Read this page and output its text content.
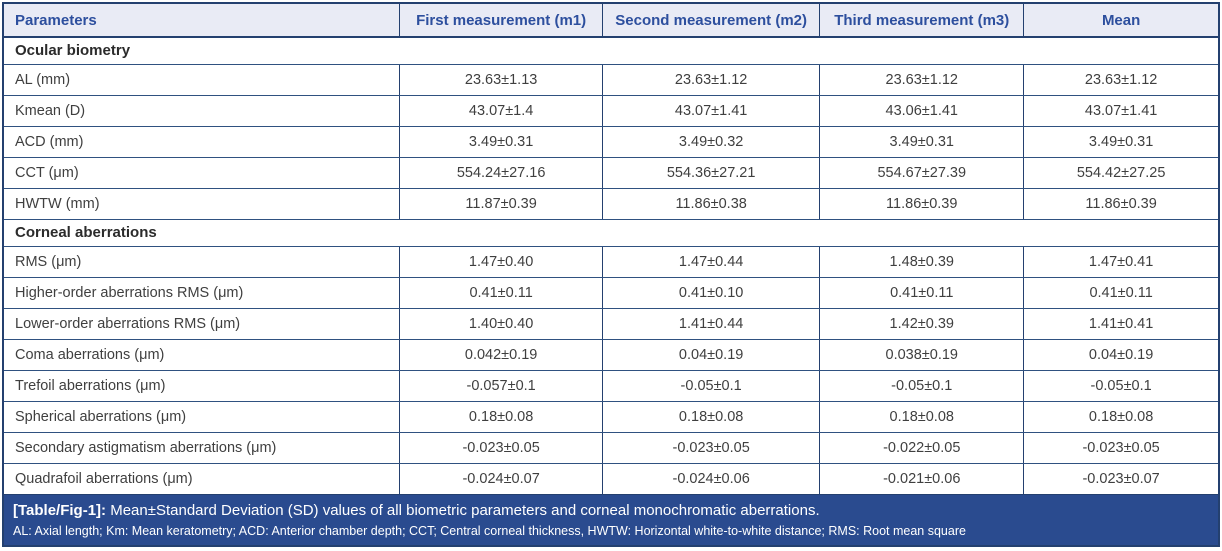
Parameters	First measurement (m1)	Second measurement (m2)	Third measurement (m3)	Mean
Ocular biometry				
AL (mm)	23.63±1.13	23.63±1.12	23.63±1.12	23.63±1.12
Kmean (D)	43.07±1.4	43.07±1.41	43.06±1.41	43.07±1.41
ACD (mm)	3.49±0.31	3.49±0.32	3.49±0.31	3.49±0.31
CCT (μm)	554.24±27.16	554.36±27.21	554.67±27.39	554.42±27.25
HWTW (mm)	11.87±0.39	11.86±0.38	11.86±0.39	11.86±0.39
Corneal aberrations				
RMS (μm)	1.47±0.40	1.47±0.44	1.48±0.39	1.47±0.41
Higher-order aberrations RMS (μm)	0.41±0.11	0.41±0.10	0.41±0.11	0.41±0.11
Lower-order aberrations RMS (μm)	1.40±0.40	1.41±0.44	1.42±0.39	1.41±0.41
Coma aberrations (μm)	0.042±0.19	0.04±0.19	0.038±0.19	0.04±0.19
Trefoil aberrations (μm)	-0.057±0.1	-0.05±0.1	-0.05±0.1	-0.05±0.1
Spherical aberrations (μm)	0.18±0.08	0.18±0.08	0.18±0.08	0.18±0.08
Secondary astigmatism aberrations (μm)	-0.023±0.05	-0.023±0.05	-0.022±0.05	-0.023±0.05
Quadrafoil aberrations (μm)	-0.024±0.07	-0.024±0.06	-0.021±0.06	-0.023±0.07
[Table/Fig-1]: Mean±Standard Deviation (SD) values of all biometric parameters and corneal monochromatic aberrations.
AL: Axial length; Km: Mean keratometry; ACD: Anterior chamber depth; CCT; Central corneal thickness, HWTW: Horizontal white-to-white distance; RMS: Root mean square
